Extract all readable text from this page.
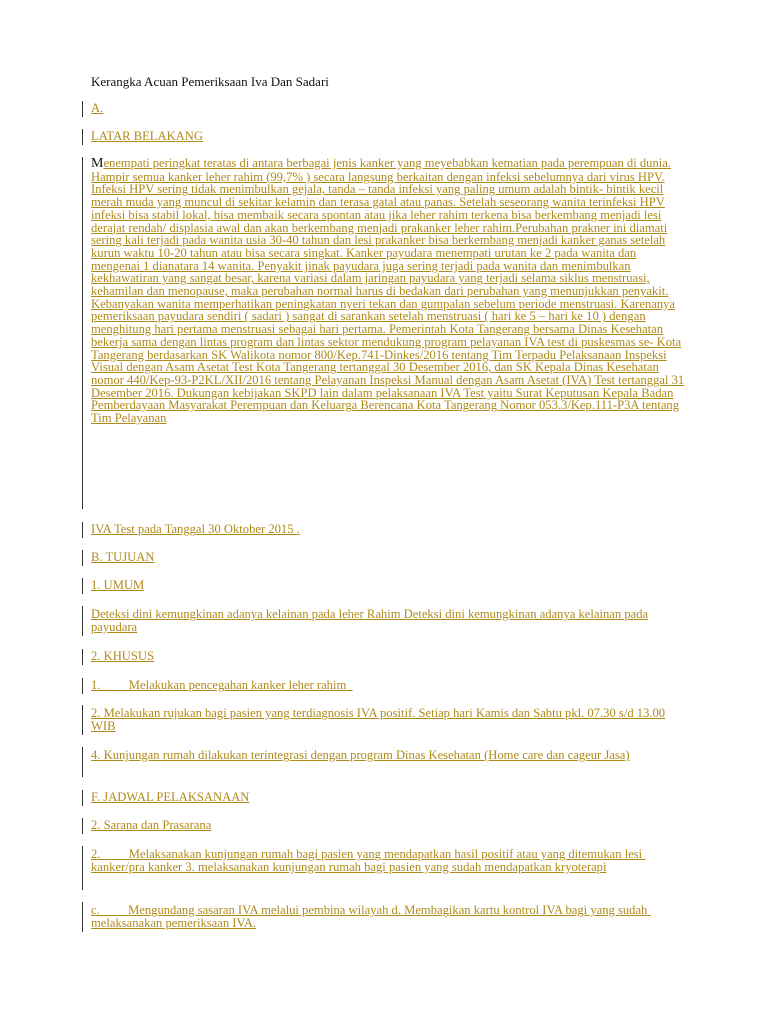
Kerangka Acuan Pemeriksaan Iva Dan Sadari
A.
LATAR BELAKANG
Menempati peringkat teratas di antara berbagai jenis kanker yang meyebabkan kematian pada perempuan di dunia. Hampir semua kanker leher rahim (99,7% ) secara langsung berkaitan dengan infeksi sebelumnya dari virus HPV. Infeksi HPV sering tidak menimbulkan gejala, tanda – tanda infeksi yang paling umum adalah bintik- bintik kecil merah muda yang muncul di sekitar kelamin dan terasa gatal atau panas. Setelah seseorang wanita terinfeksi HPV infeksi bisa stabil lokal, bisa membaik secara spontan atau jika leher rahim terkena bisa berkembang menjadi lesi derajat rendah/ displasia awal dan akan berkembang menjadi prakanker leher rahim.Perubahan prakner ini diamati sering kali terjadi pada wanita usia 30-40 tahun dan lesi prakanker bisa berkembang menjadi kanker ganas setelah kurun waktu 10-20 tahun atau bisa secara singkat. Kanker payudara menempati urutan ke 2 pada wanita dan mengenai 1 dianatara 14 wanita. Penyakit jinak payudara juga sering terjadi pada wanita dan menimbulkan kekhawatiran yang sangat besar, karena variasi dalam jaringan payudara yang terjadi selama siklus menstruasi, kehamilan dan menopause, maka perubahan normal harus di bedakan dari perubahan yang menunjukkan penyakit. Kebanyakan wanita memperhatikan peningkatan nyeri tekan dan gumpalan sebelum periode menstruasi. Karenanya pemeriksaan payudara sendiri ( sadari ) sangat di sarankan setelah menstruasi ( hari ke 5 – hari ke 10 ) dengan menghitung hari pertama menstruasi sebagai hari pertama. Pemerintah Kota Tangerang bersama Dinas Kesehatan bekerja sama dengan lintas program dan lintas sektor mendukung program pelayanan IVA test di puskesmas se- Kota Tangerang berdasarkan SK Walikota nomor 800/Kep.741-Dinkes/2016 tentang Tim Terpadu Pelaksanaan Inspeksi Visual dengan Asam Asetat Test Kota Tangerang tertanggal 30 Desember 2016, dan SK Kepala Dinas Kesehatan nomor 440/Kep-93-P2KL/XII/2016 tentang Pelayanan Inspeksi Manual dengan Asam Asetat (IVA) Test tertanggal 31 Desember 2016. Dukungan kebijakan SKPD lain dalam pelaksanaan IVA Test yaitu Surat Keputusan Kepala Badan Pemberdayaan Masyarakat Perempuan dan Keluarga Berencana Kota Tangerang Nomor 053.3/Kep.111-P3A tentang Tim Pelayanan
IVA Test pada Tanggal 30 Oktober 2015 .
B. TUJUAN
1. UMUM
Deteksi dini kemungkinan adanya kelainan pada leher Rahim Deteksi dini kemungkinan adanya kelainan pada payudara
2. KHUSUS
1.         Melakukan pencegahan kanker leher rahim
2. Melakukan rujukan bagi pasien yang terdiagnosis IVA positif. Setiap hari Kamis dan Sabtu pkl. 07.30 s/d 13.00 WIB
4. Kunjungan rumah dilakukan terintegrasi dengan program Dinas Kesehatan (Home care dan cageur Jasa)
F. JADWAL PELAKSANAAN
2. Sarana dan Prasarana
2.         Melaksanakan kunjungan rumah bagi pasien yang mendapatkan hasil positif atau yang ditemukan lesi kanker/pra kanker 3. melaksanakan kunjungan rumah bagi pasien yang sudah mendapatkan kryoterapi
c.         Mengundang sasaran IVA melalui pembina wilayah d. Membagikan kartu kontrol IVA bagi yang sudah melaksanakan pemeriksaan IVA.
